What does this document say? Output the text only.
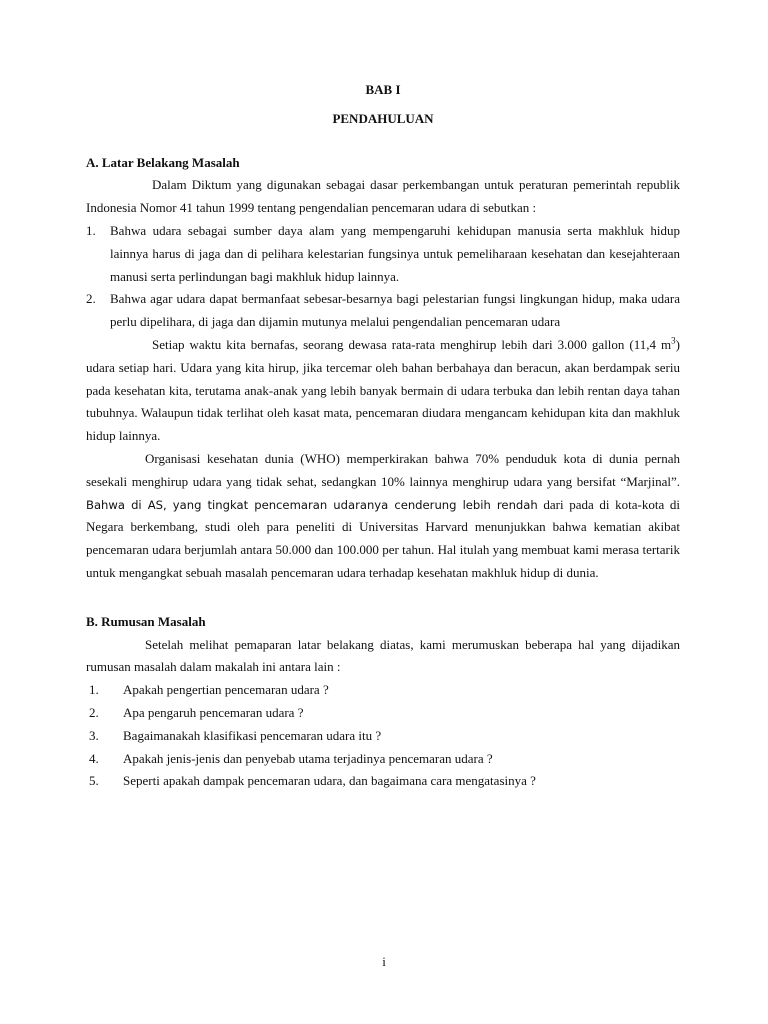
BAB I
PENDAHULUAN
A. Latar Belakang Masalah

Dalam Diktum yang digunakan sebagai dasar perkembangan untuk peraturan pemerintah republik Indonesia Nomor 41 tahun 1999 tentang pengendalian pencemaran udara di sebutkan :

1. Bahwa udara sebagai sumber daya alam yang mempengaruhi kehidupan manusia serta makhluk hidup lainnya harus di jaga dan di pelihara kelestarian fungsinya untuk pemeliharaan kesehatan dan kesejahteraan manusi serta perlindungan bagi makhluk hidup lainnya.
2. Bahwa agar udara dapat bermanfaat sebesar-besarnya bagi pelestarian fungsi lingkungan hidup, maka udara perlu dipelihara, di jaga dan dijamin mutunya melalui pengendalian pencemaran udara

Setiap waktu kita bernafas, seorang dewasa rata-rata menghirup lebih dari 3.000 gallon (11,4 $m^3$) udara setiap hari. Udara yang kita hirup, jika tercemar oleh bahan berbahaya dan beracun, akan berdampak seriu pada kesehatan kita, terutama anak-anak yang lebih banyak bermain di udara terbuka dan lebih rentan daya tahan tubuhnya. Walaupun tidak terlihat oleh kasat mata, pencemaran diudara mengancam kehidupan kita dan makhluk hidup lainnya.

Organisasi kesehatan dunia (WHO) memperkirakan bahwa 70% penduduk kota di dunia pernah sesekali menghirup udara yang tidak sehat, sedangkan 10% lainnya menghirup udara yang bersifat “Marjinal”. Bahwa di AS, yang tingkat pencemaran udaranya cenderung lebih rendah dari pada di kota-kota di Negara berkembang, studi oleh para peneliti di Universitas Harvard menunjukkan bahwa kematian akibat pencemaran udara berjumlah antara 50.000 dan 100.000 per tahun. Hal itulah yang membuat kami merasa tertarik untuk mengangkat sebuah masalah pencemaran udara terhadap kesehatan makhluk hidup di dunia.

B. Rumusan Masalah

Setelah melihat pemaparan latar belakang diatas, kami merumuskan beberapa hal yang dijadikan rumusan masalah dalam makalah ini antara lain :

1. Apakah pengertian pencemaran udara ?
2. Apa pengaruh pencemaran udara ?
3. Bagaimanakah klasifikasi pencemaran udara itu ?
4. Apakah jenis-jenis dan penyebab utama terjadinya pencemaran udara ?
5. Seperti apakah dampak pencemaran udara, dan bagaimana cara mengatasinya ?
i
